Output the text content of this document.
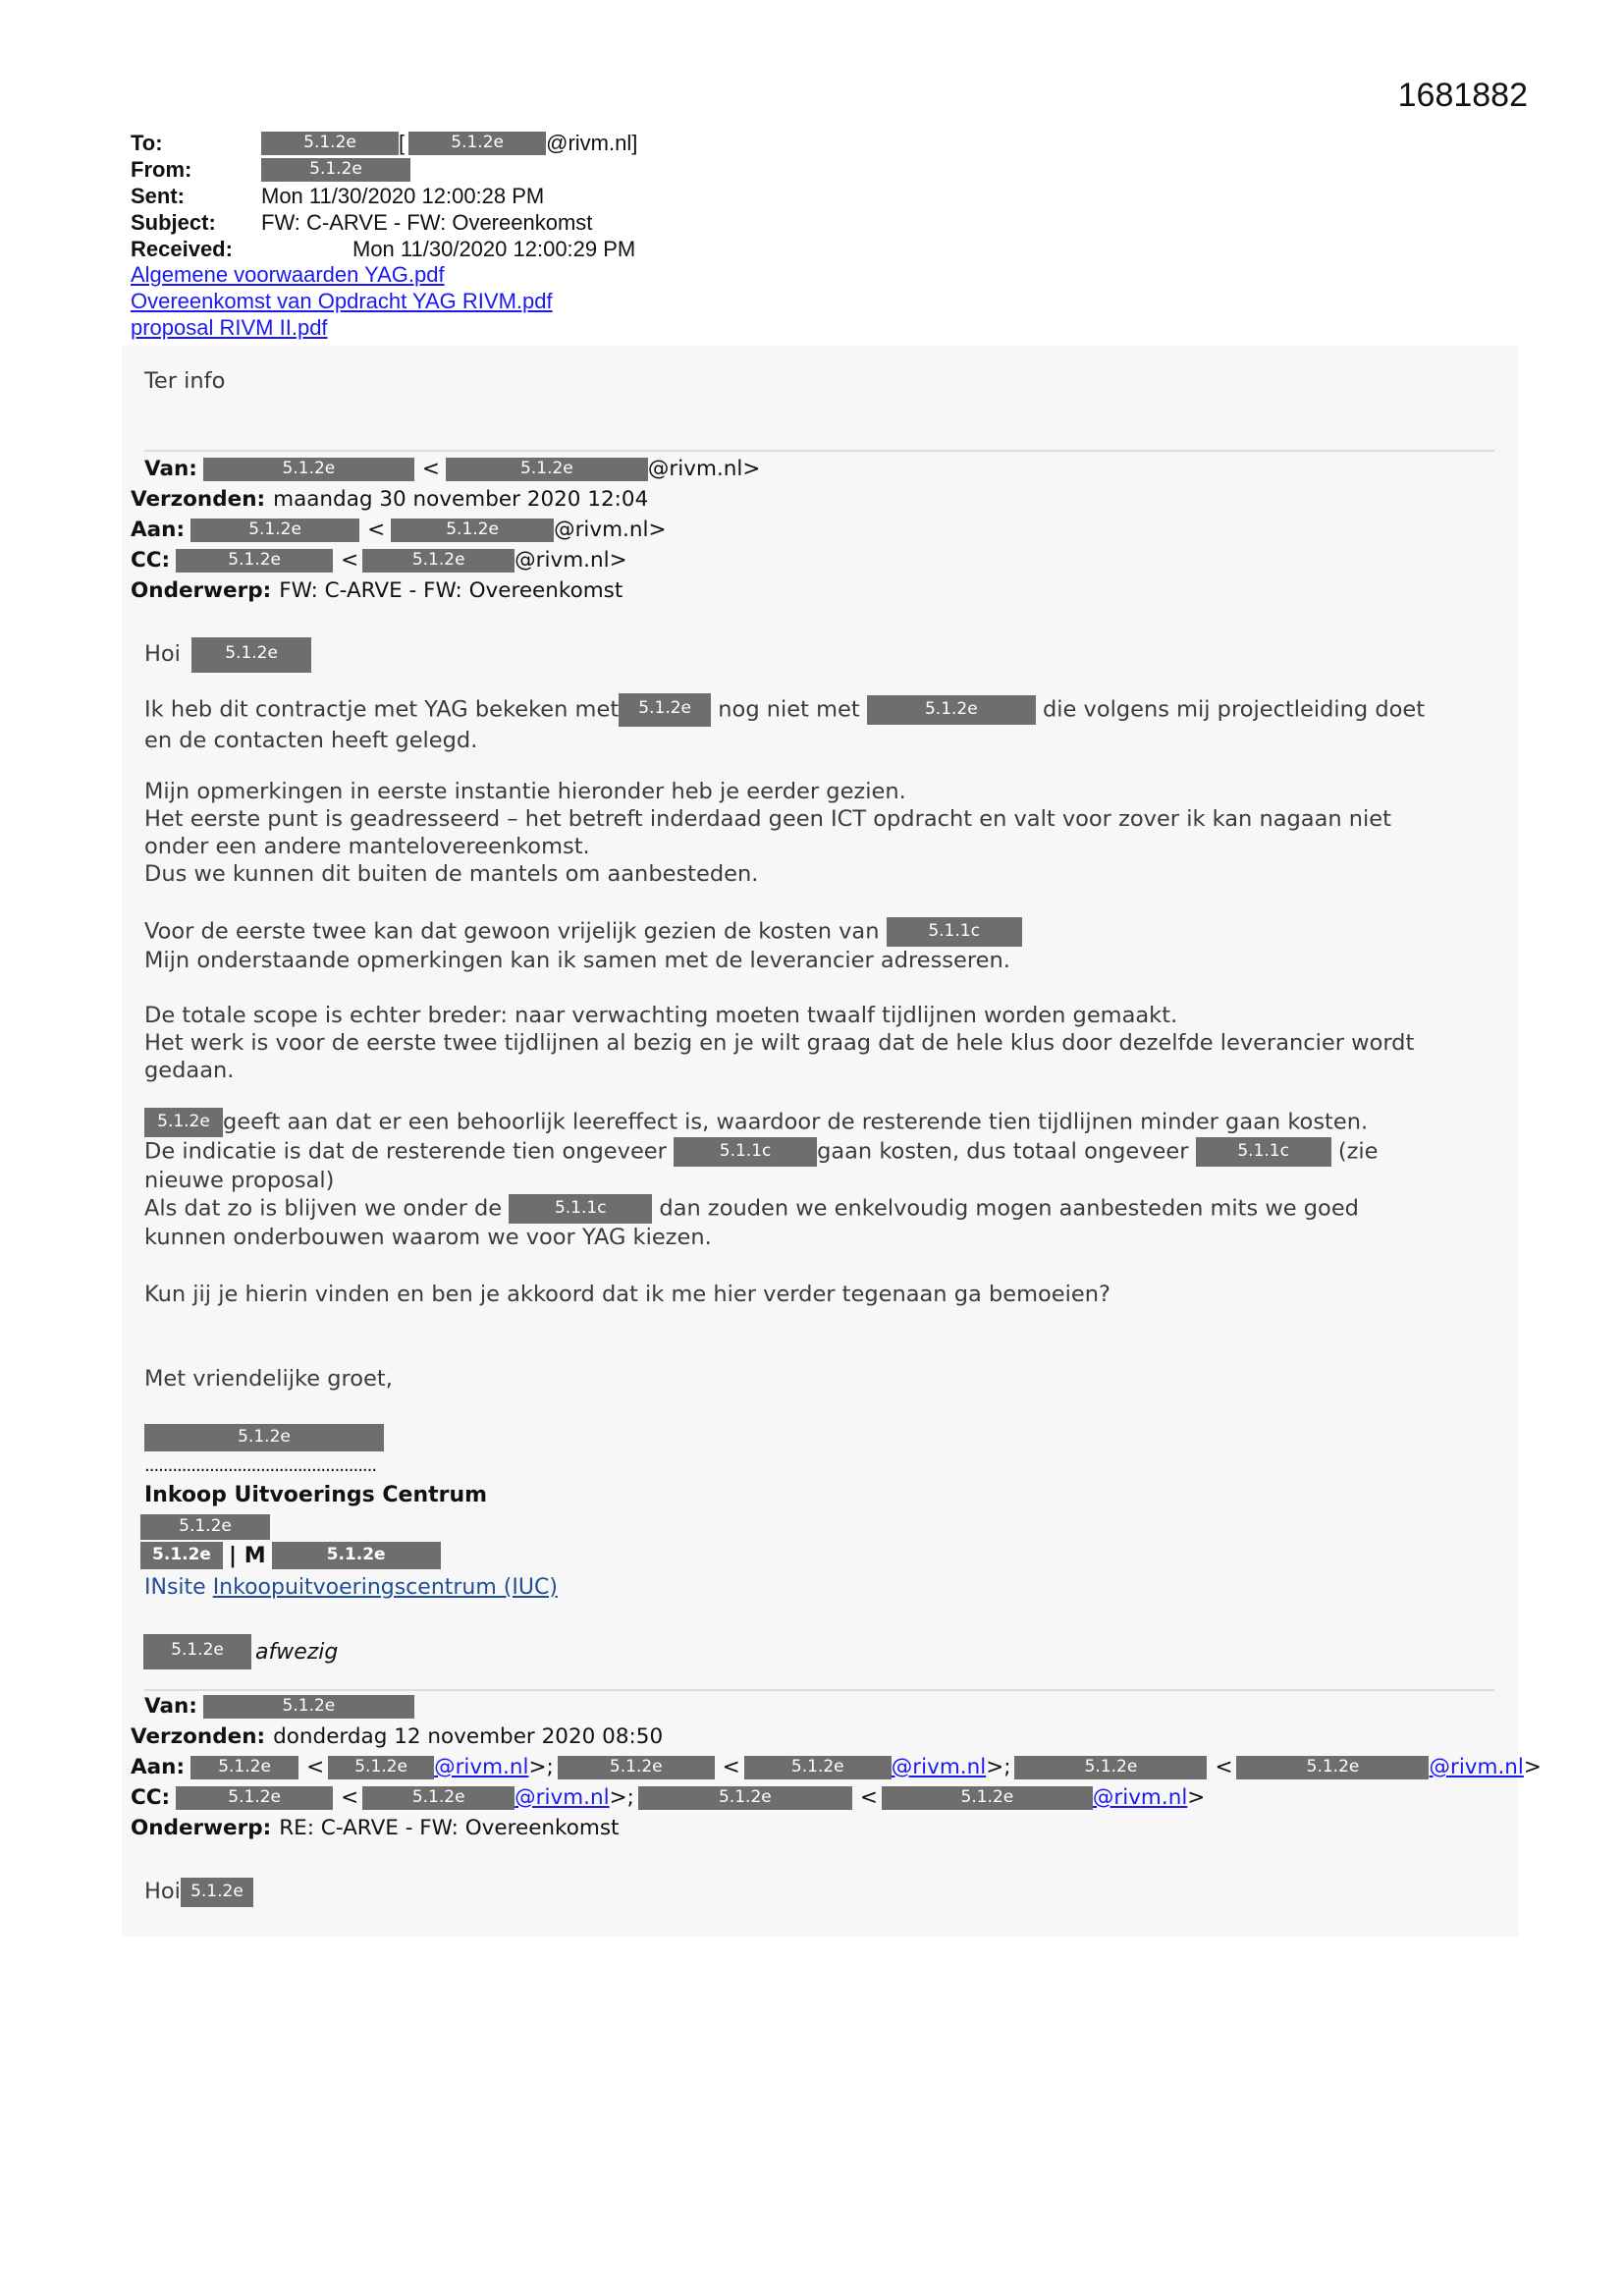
1681882
To:	5.1.2e	[	5.1.2e	@rivm.nl]
From:	5.1.2e
Sent:	Mon 11/30/2020 12:00:28 PM
Subject:	FW: C-ARVE - FW: Overeenkomst
Received:	Mon 11/30/2020 12:00:29 PM
Algemene voorwaarden YAG.pdf
Overeenkomst van Opdracht YAG RIVM.pdf
proposal RIVM II.pdf
Ter info
Van:	5.1.2e	<	5.1.2e	@rivm.nl>
Verzonden: maandag 30 november 2020 12:04
Aan:	5.1.2e	<	5.1.2e	@rivm.nl>
CC:	5.1.2e	<	5.1.2e	@rivm.nl>
Onderwerp: FW: C-ARVE - FW: Overeenkomst
Hoi	5.1.2e
Ik heb dit contractje met YAG bekeken met 5.1.2e nog niet met	5.1.2e	die volgens mij projectleiding doet
en de contacten heeft gelegd.
Mijn opmerkingen in eerste instantie hieronder heb je eerder gezien.
Het eerste punt is geadresseerd – het betreft inderdaad geen ICT opdracht en valt voor zover ik kan nagaan niet
onder een andere mantelovereenkomst.
Dus we kunnen dit buiten de mantels om aanbesteden.
Voor de eerste twee kan dat gewoon vrijelijk gezien de kosten van	5.1.1c
Mijn onderstaande opmerkingen kan ik samen met de leverancier adresseren.
De totale scope is echter breder: naar verwachting moeten twaalf tijdlijnen worden gemaakt.
Het werk is voor de eerste twee tijdlijnen al bezig en je wilt graag dat de hele klus door dezelfde leverancier wordt
gedaan.
5.1.2e geeft aan dat er een behoorlijk leereffect is, waardoor de resterende tien tijdlijnen minder gaan kosten.
De indicatie is dat de resterende tien ongeveer	5.1.1c gaan kosten, dus totaal ongeveer	5.1.1c (zie
nieuwe proposal)
Als dat zo is blijven we onder de	5.1.1c dan zouden we enkelvoudig mogen aanbesteden mits we goed
kunnen onderbouwen waarom we voor YAG kiezen.
Kun jij je hierin vinden en ben je akkoord dat ik me hier verder tegenaan ga bemoeien?
Met vriendelijke groet,
5.1.2e
..................................................
Inkoop Uitvoerings Centrum
5.1.2e
5.1.2e | M	5.1.2e
INsite Inkoopuitvoeringscentrum (IUC)
5.1.2e	afwezig
Van:	5.1.2e
Verzonden: donderdag 12 november 2020 08:50
Aan:	5.1.2e	<	5.1.2e	@rivm.nl >;	5.1.2e	<	5.1.2e	@rivm.nl >;	5.1.2e	<	5.1.2e	@rivm.nl >
CC:	5.1.2e	<	5.1.2e	@rivm.nl >;	5.1.2e	<	5.1.2e	@rivm.nl >
Onderwerp: RE: C-ARVE - FW: Overeenkomst
Hoi 5.1.2e
